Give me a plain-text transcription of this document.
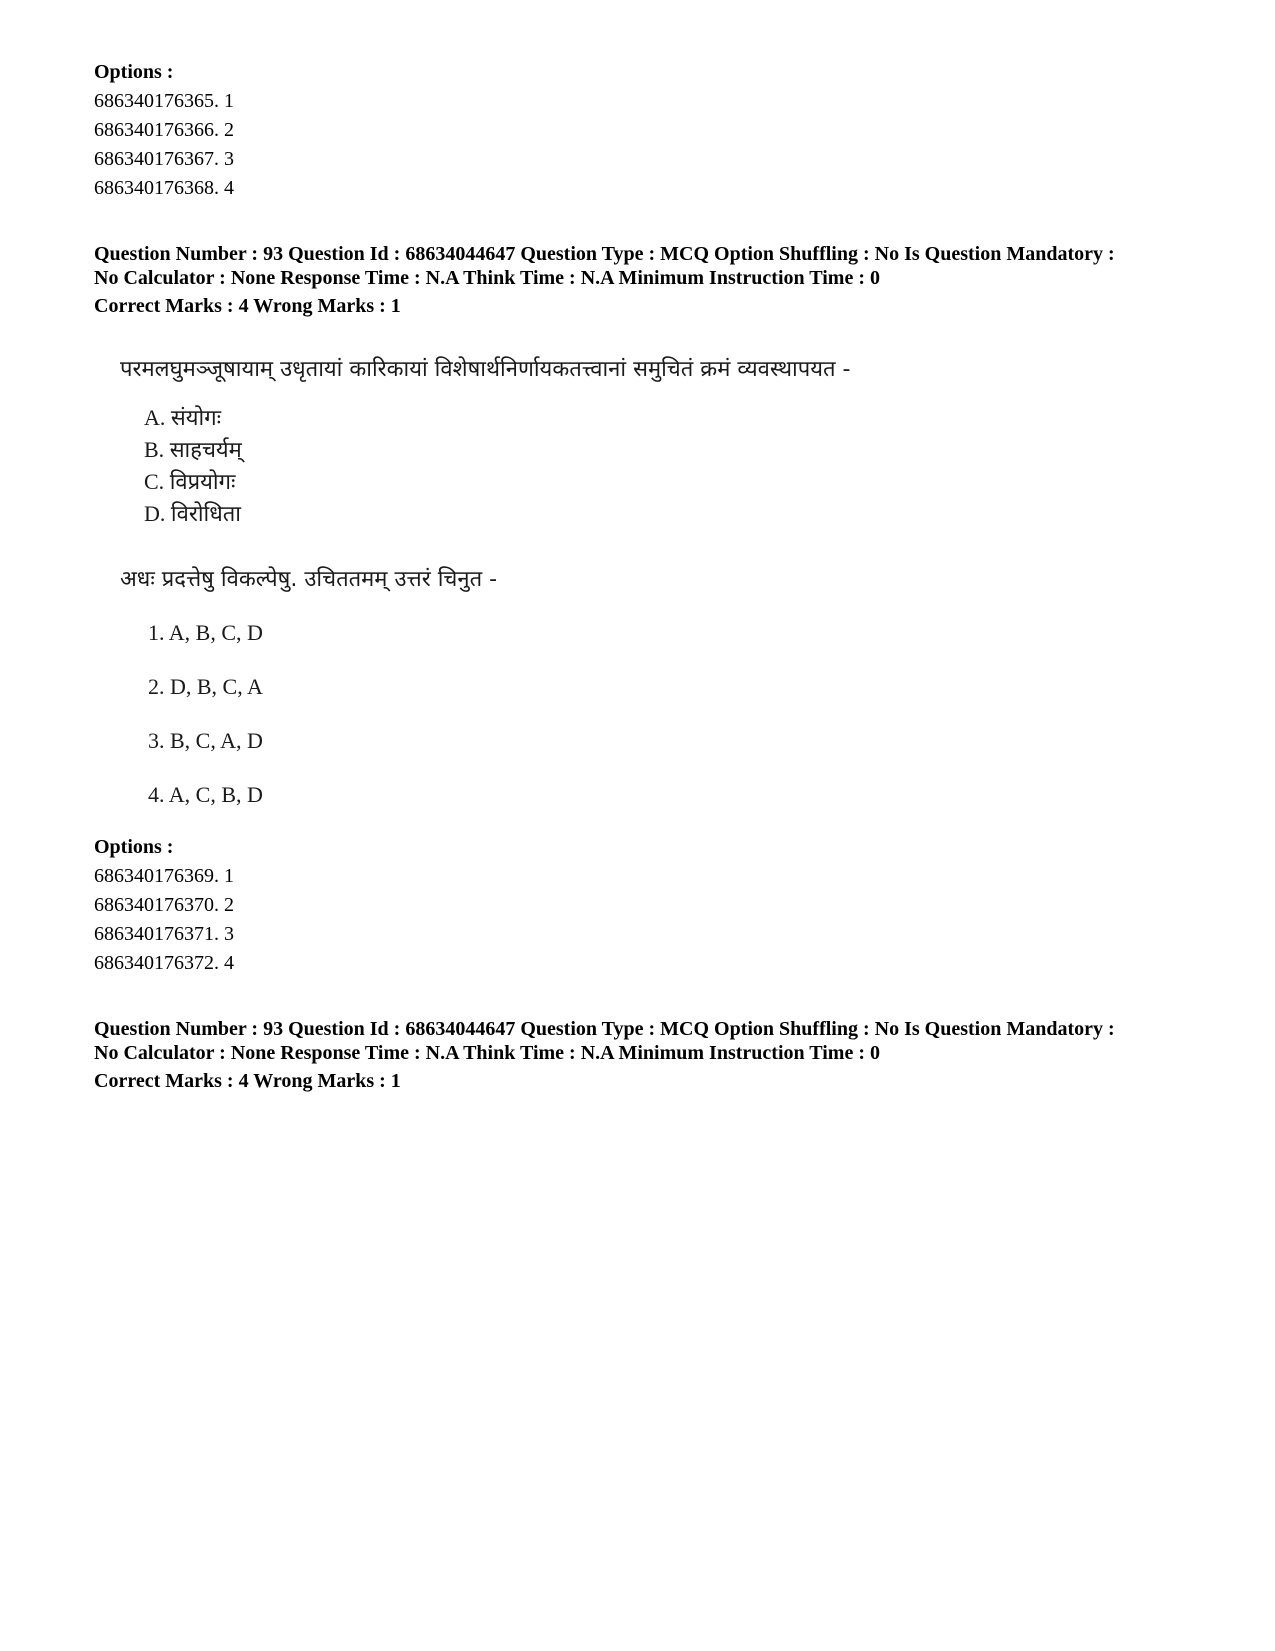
Options :
686340176365. 1
686340176366. 2
686340176367. 3
686340176368. 4
Question Number : 93 Question Id : 68634044647 Question Type : MCQ Option Shuffling : No Is Question Mandatory :
No Calculator : None Response Time : N.A Think Time : N.A Minimum Instruction Time : 0
Correct Marks : 4 Wrong Marks : 1
परमलघुमञ्जूषायाम् उधृतायां कारिकायां विशेषार्थनिर्णायकतत्त्वानां समुचितं क्रमं व्यवस्थापयत -
A. संयोगः
B. साहचर्यम्
C. विप्रयोगः
D. विरोधिता
अधः प्रदत्तेषु विकल्पेषु. उचिततमम् उत्तरं चिनुत -
1. A, B, C, D
2. D, B, C, A
3. B, C, A, D
4. A, C, B, D
Options :
686340176369. 1
686340176370. 2
686340176371. 3
686340176372. 4
Question Number : 93 Question Id : 68634044647 Question Type : MCQ Option Shuffling : No Is Question Mandatory :
No Calculator : None Response Time : N.A Think Time : N.A Minimum Instruction Time : 0
Correct Marks : 4 Wrong Marks : 1
